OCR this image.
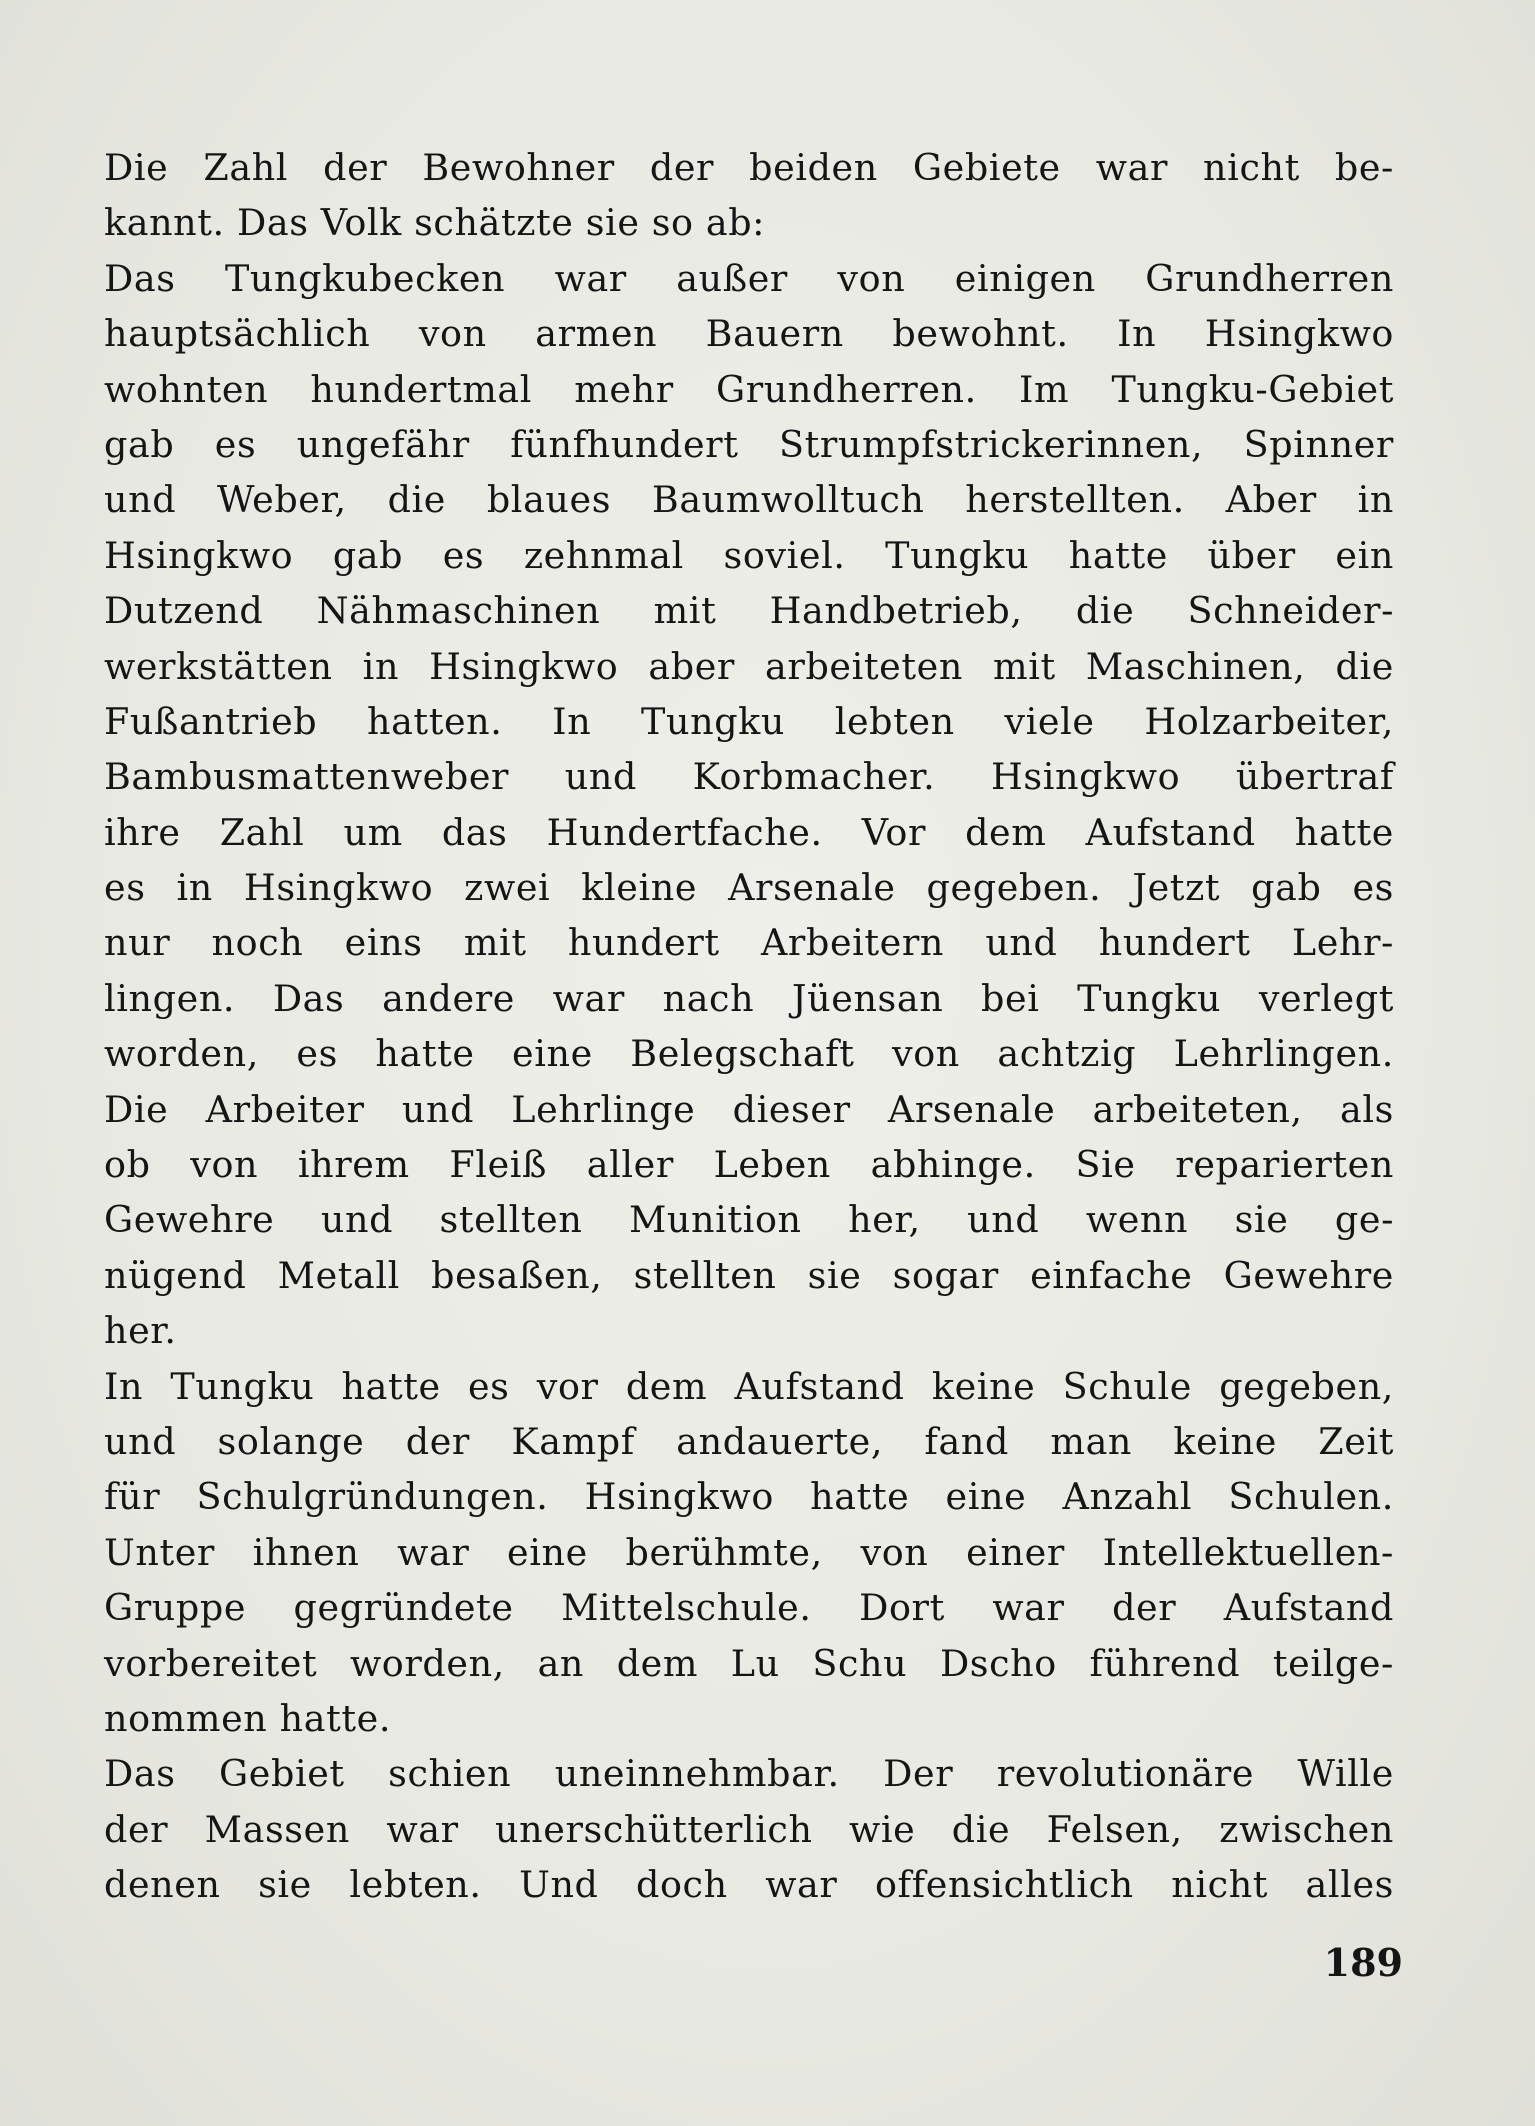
Die Zahl der Bewohner der beiden Gebiete war nicht be-
kannt. Das Volk schätzte sie so ab:
Das Tungkubecken war außer von einigen Grundherren
hauptsächlich von armen Bauern bewohnt. In Hsingkwo
wohnten hundertmal mehr Grundherren. Im Tungku-Gebiet
gab es ungefähr fünfhundert Strumpfstrickerinnen, Spinner
und Weber, die blaues Baumwolltuch herstellten. Aber in
Hsingkwo gab es zehnmal soviel. Tungku hatte über ein
Dutzend Nähmaschinen mit Handbetrieb, die Schneider-
werkstätten in Hsingkwo aber arbeiteten mit Maschinen, die
Fußantrieb hatten. In Tungku lebten viele Holzarbeiter,
Bambusmattenweber und Korbmacher. Hsingkwo übertraf
ihre Zahl um das Hundertfache. Vor dem Aufstand hatte
es in Hsingkwo zwei kleine Arsenale gegeben. Jetzt gab es
nur noch eins mit hundert Arbeitern und hundert Lehr-
lingen. Das andere war nach Jüensan bei Tungku verlegt
worden, es hatte eine Belegschaft von achtzig Lehrlingen.
Die Arbeiter und Lehrlinge dieser Arsenale arbeiteten, als
ob von ihrem Fleiß aller Leben abhinge. Sie reparierten
Gewehre und stellten Munition her, und wenn sie ge-
nügend Metall besaßen, stellten sie sogar einfache Gewehre
her.
In Tungku hatte es vor dem Aufstand keine Schule gegeben,
und solange der Kampf andauerte, fand man keine Zeit
für Schulgründungen. Hsingkwo hatte eine Anzahl Schulen.
Unter ihnen war eine berühmte, von einer Intellektuellen-
Gruppe gegründete Mittelschule. Dort war der Aufstand
vorbereitet worden, an dem Lu Schu Dscho führend teilge-
nommen hatte.
Das Gebiet schien uneinnehmbar. Der revolutionäre Wille
der Massen war unerschütterlich wie die Felsen, zwischen
denen sie lebten. Und doch war offensichtlich nicht alles
189
